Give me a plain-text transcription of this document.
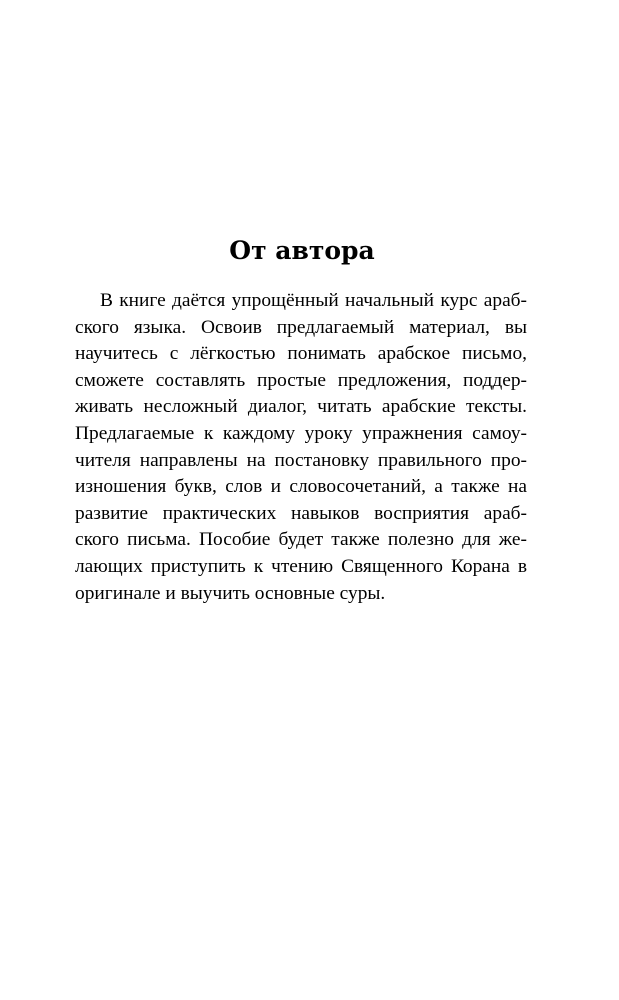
От автора
В книге даётся упрощённый начальный курс араб-
ского языка. Освоив предлагаемый материал, вы
научитесь с лёгкостью понимать арабское письмо,
сможете составлять простые предложения, поддер-
живать несложный диалог, читать арабские тексты.
Предлагаемые к каждому уроку упражнения самоу-
чителя направлены на постановку правильного про-
изношения букв, слов и словосочетаний, а также на
развитие практических навыков восприятия араб-
ского письма. Пособие будет также полезно для же-
лающих приступить к чтению Священного Корана в
оригинале и выучить основные суры.
